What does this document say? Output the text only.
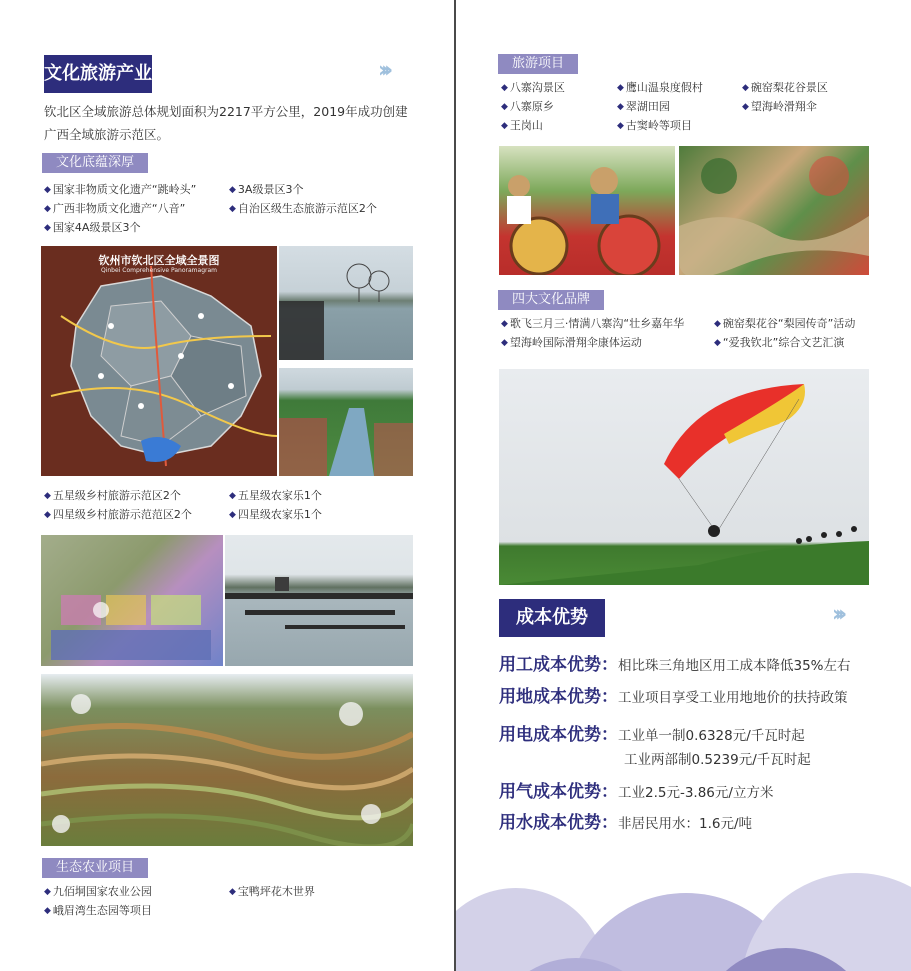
文化旅游产业	›››
钦北区全域旅游总体规划面积为2217平方公里，2019年成功创建广西全域旅游示范区。
文化底蕴深厚
◆ 国家非物质文化遗产“跳岭头”	◆ 3A级景区3个
◆ 广西非物质文化遗产“八音”	◆ 自治区级生态旅游示范区2个
◆ 国家4A级景区3个
钦州市钦北区全域全景图
Qinbei Comprehensive Panoramagram
◆ 五星级乡村旅游示范区2个	◆ 五星级农家乐1个
◆ 四星级乡村旅游示范范区2个	◆ 四星级农家乐1个
生态农业项目
◆ 九佰垌国家农业公园	◆ 宝鸭坪花木世界
◆ 峨眉湾生态园等项目
旅游项目
◆ 八寨沟景区	◆ 鹰山温泉度假村	◆ 碗窑梨花谷景区
◆ 八寨原乡	◆ 翠湖田园	◆ 望海岭滑翔伞
◆ 王岗山	◆ 古窦岭等项目
四大文化品牌
◆ 歌飞三月三·情满八寨沟“壮乡嘉年华	◆ 碗窑梨花谷“梨园传奇”活动
◆ 望海岭国际滑翔伞康体运动	◆ “爱我钦北”综合文艺汇演
成本优势	›››
用工成本优势：相比珠三角地区用工成本降低35%左右
用地成本优势：工业项目享受工业用地地价的扶持政策
用电成本优势：工业单一制0.6328元/千瓦时起
工业两部制0.5239元/千瓦时起
用气成本优势：工业2.5元-3.86元/立方米
用水成本优势：非居民用水：1.6元/吨
